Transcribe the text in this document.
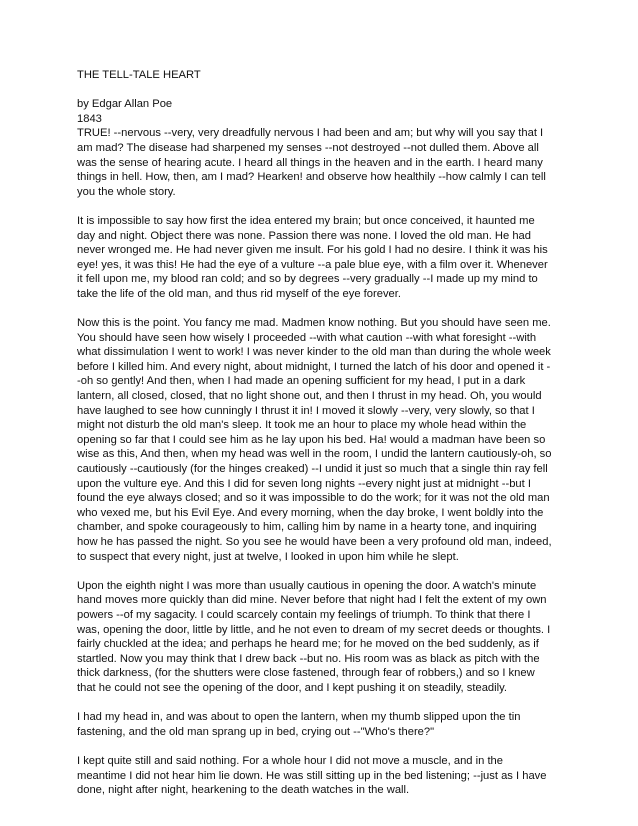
THE TELL-TALE HEART
by Edgar Allan Poe
1843
TRUE! --nervous --very, very dreadfully nervous I had been and am; but why will you say that I
am mad? The disease had sharpened my senses --not destroyed --not dulled them. Above all
was the sense of hearing acute. I heard all things in the heaven and in the earth. I heard many
things in hell. How, then, am I mad? Hearken! and observe how healthily --how calmly I can tell
you the whole story.
It is impossible to say how first the idea entered my brain; but once conceived, it haunted me
day and night. Object there was none. Passion there was none. I loved the old man. He had
never wronged me. He had never given me insult. For his gold I had no desire. I think it was his
eye! yes, it was this! He had the eye of a vulture --a pale blue eye, with a film over it. Whenever
it fell upon me, my blood ran cold; and so by degrees --very gradually --I made up my mind to
take the life of the old man, and thus rid myself of the eye forever.
Now this is the point. You fancy me mad. Madmen know nothing. But you should have seen me.
You should have seen how wisely I proceeded --with what caution --with what foresight --with
what dissimulation I went to work! I was never kinder to the old man than during the whole week
before I killed him. And every night, about midnight, I turned the latch of his door and opened it -
-oh so gently! And then, when I had made an opening sufficient for my head, I put in a dark
lantern, all closed, closed, that no light shone out, and then I thrust in my head. Oh, you would
have laughed to see how cunningly I thrust it in! I moved it slowly --very, very slowly, so that I
might not disturb the old man's sleep. It took me an hour to place my whole head within the
opening so far that I could see him as he lay upon his bed. Ha! would a madman have been so
wise as this, And then, when my head was well in the room, I undid the lantern cautiously-oh, so
cautiously --cautiously (for the hinges creaked) --I undid it just so much that a single thin ray fell
upon the vulture eye. And this I did for seven long nights --every night just at midnight --but I
found the eye always closed; and so it was impossible to do the work; for it was not the old man
who vexed me, but his Evil Eye. And every morning, when the day broke, I went boldly into the
chamber, and spoke courageously to him, calling him by name in a hearty tone, and inquiring
how he has passed the night. So you see he would have been a very profound old man, indeed,
to suspect that every night, just at twelve, I looked in upon him while he slept.
Upon the eighth night I was more than usually cautious in opening the door. A watch's minute
hand moves more quickly than did mine. Never before that night had I felt the extent of my own
powers --of my sagacity. I could scarcely contain my feelings of triumph. To think that there I
was, opening the door, little by little, and he not even to dream of my secret deeds or thoughts. I
fairly chuckled at the idea; and perhaps he heard me; for he moved on the bed suddenly, as if
startled. Now you may think that I drew back --but no. His room was as black as pitch with the
thick darkness, (for the shutters were close fastened, through fear of robbers,) and so I knew
that he could not see the opening of the door, and I kept pushing it on steadily, steadily.
I had my head in, and was about to open the lantern, when my thumb slipped upon the tin
fastening, and the old man sprang up in bed, crying out --"Who's there?"
I kept quite still and said nothing. For a whole hour I did not move a muscle, and in the
meantime I did not hear him lie down. He was still sitting up in the bed listening; --just as I have
done, night after night, hearkening to the death watches in the wall.
